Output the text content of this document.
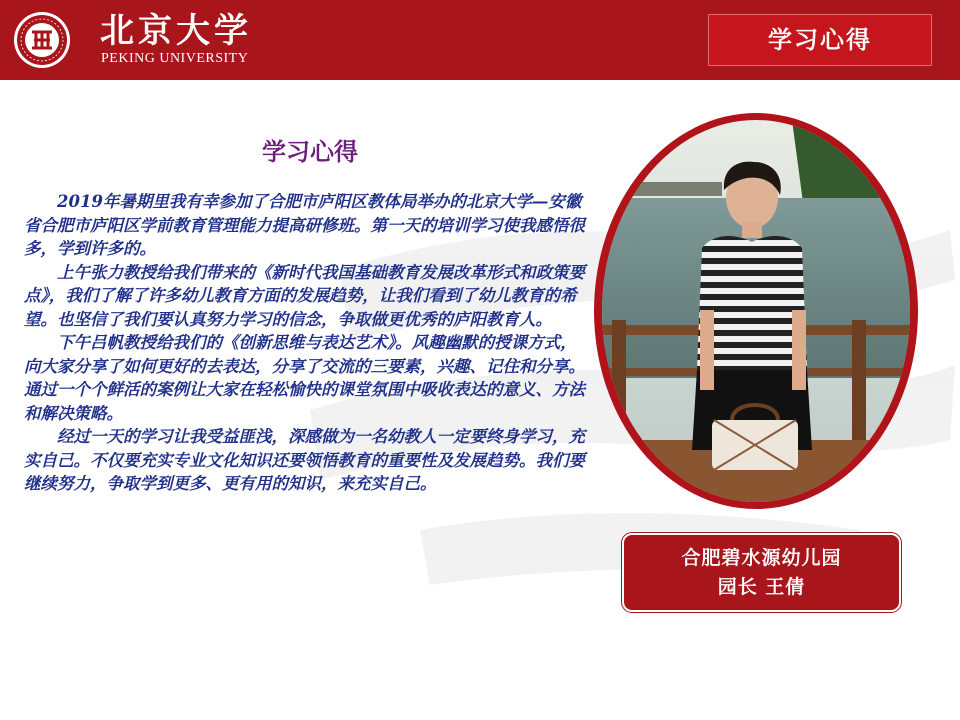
北京大学
PEKING UNIVERSITY
学习心得
学习心得

2019年暑期里我有幸参加了合肥市庐阳区教体局举办的北京大学—安徽省合肥市庐阳区学前教育管理能力提高研修班。第一天的培训学习使我感悟很多，学到许多的。

上午张力教授给我们带来的《新时代我国基础教育发展改革形式和政策要点》，我们了解了许多幼儿教育方面的发展趋势，让我们看到了幼儿教育的希望。也坚信了我们要认真努力学习的信念，争取做更优秀的庐阳教育人。

下午吕帆教授给我们的《创新思维与表达艺术》。风趣幽默的授课方式，向大家分享了如何更好的去表达，分享了交流的三要素，兴趣、记住和分享。通过一个个鲜活的案例让大家在轻松愉快的课堂氛围中吸收表达的意义、方法和解决策略。

经过一天的学习让我受益匪浅，深感做为一名幼教人一定要终身学习，充实自己。不仅要充实专业文化知识还要领悟教育的重要性及发展趋势。我们要继续努力，争取学到更多、更有用的知识，来充实自己。

合肥碧水源幼儿园
园长 王倩
